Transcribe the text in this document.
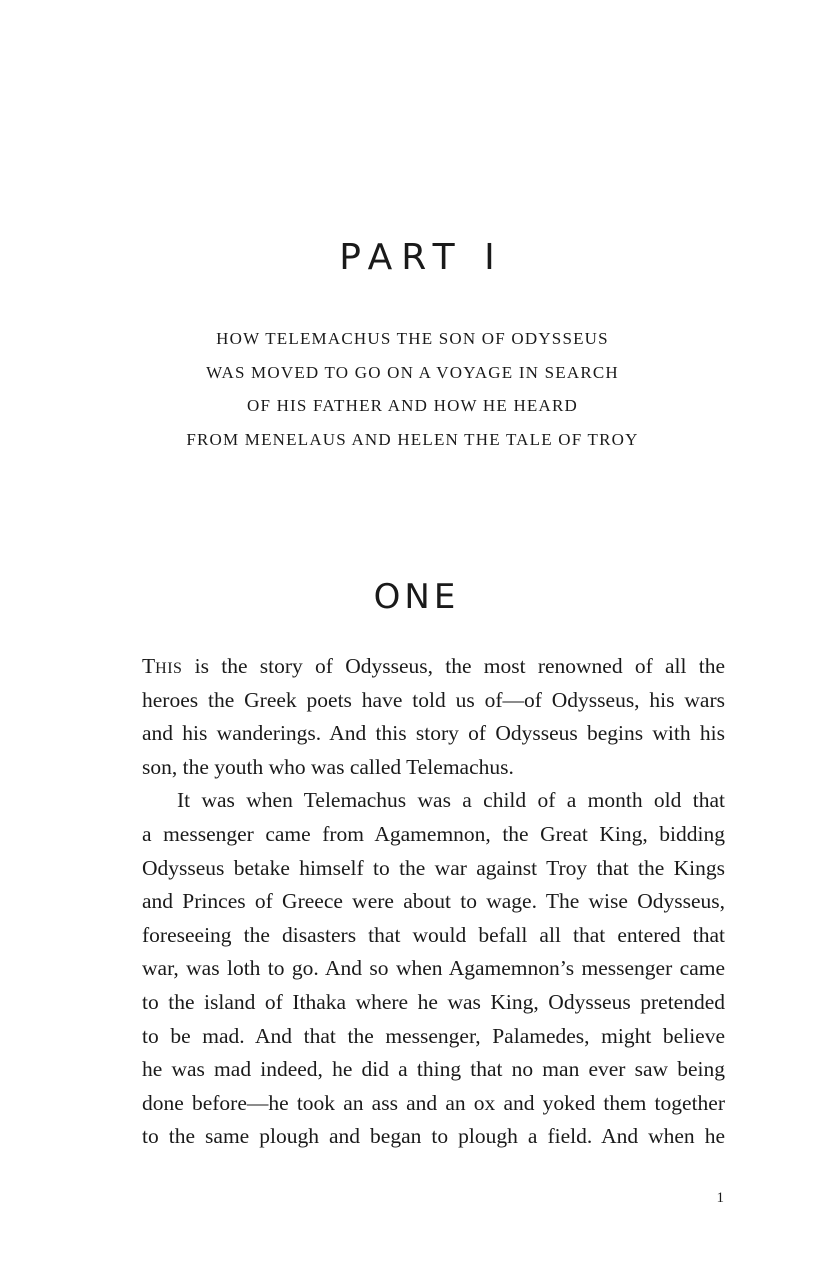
PART I

HOW TELEMACHUS THE SON OF ODYSSEUS
WAS MOVED TO GO ON A VOYAGE IN SEARCH
OF HIS FATHER AND HOW HE HEARD
FROM MENELAUS AND HELEN THE TALE OF TROY

ONE
THIS is the story of Odysseus, the most renowned of all the
heroes the Greek poets have told us of—of Odysseus, his wars
and his wanderings. And this story of Odysseus begins with his
son, the youth who was called Telemachus.
It was when Telemachus was a child of a month old that
a messenger came from Agamemnon, the Great King, bidding
Odysseus betake himself to the war against Troy that the Kings
and Princes of Greece were about to wage. The wise Odysseus,
foreseeing the disasters that would befall all that entered that
war, was loth to go. And so when Agamemnon’s messenger came
to the island of Ithaka where he was King, Odysseus pretended
to be mad. And that the messenger, Palamedes, might believe
he was mad indeed, he did a thing that no man ever saw being
done before—he took an ass and an ox and yoked them together
to the same plough and began to plough a field. And when he
1
